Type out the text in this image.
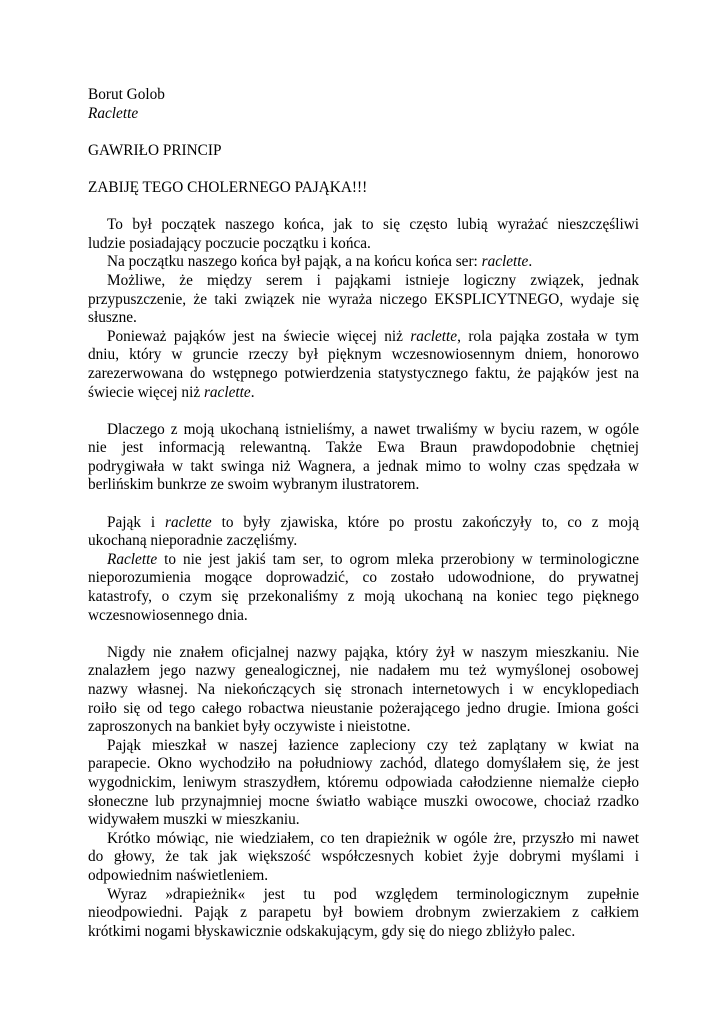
Borut Golob
Raclette
GAWRIŁO PRINCIP
ZABIJĘ TEGO CHOLERNEGO PAJĄKA!!!
To był początek naszego końca, jak to się często lubią wyrażać nieszczęśliwi
ludzie posiadający poczucie początku i końca.
Na początku naszego końca był pająk, a na końcu końca ser: raclette.
Możliwe, że między serem i pająkami istnieje logiczny związek, jednak
przypuszczenie, że taki związek nie wyraża niczego EKSPLICYTNEGO, wydaje się
słuszne.
Ponieważ pająków jest na świecie więcej niż raclette, rola pająka została w tym
dniu, który w gruncie rzeczy był pięknym wczesnowiosennym dniem, honorowo
zarezerwowana do wstępnego potwierdzenia statystycznego faktu, że pająków jest na
świecie więcej niż raclette.
Dlaczego z moją ukochaną istnieliśmy, a nawet trwaliśmy w byciu razem, w ogóle
nie jest informacją relewantną. Także Ewa Braun prawdopodobnie chętniej
podrygiwała w takt swinga niż Wagnera, a jednak mimo to wolny czas spędzała w
berlińskim bunkrze ze swoim wybranym ilustratorem.
Pająk i raclette to były zjawiska, które po prostu zakończyły to, co z moją
ukochaną nieporadnie zaczęliśmy.
Raclette to nie jest jakiś tam ser, to ogrom mleka przerobiony w terminologiczne
nieporozumienia mogące doprowadzić, co zostało udowodnione, do prywatnej
katastrofy, o czym się przekonaliśmy z moją ukochaną na koniec tego pięknego
wczesnowiosennego dnia.
Nigdy nie znałem oficjalnej nazwy pająka, który żył w naszym mieszkaniu. Nie
znalazłem jego nazwy genealogicznej, nie nadałem mu też wymyślonej osobowej
nazwy własnej. Na niekończących się stronach internetowych i w encyklopediach
roiło się od tego całego robactwa nieustanie pożerającego jedno drugie. Imiona gości
zaproszonych na bankiet były oczywiste i nieistotne.
Pająk mieszkał w naszej łazience zapleciony czy też zaplątany w kwiat na
parapecie. Okno wychodziło na południowy zachód, dlatego domyślałem się, że jest
wygodnickim, leniwym straszydłem, któremu odpowiada całodzienne niemalże ciepło
słoneczne lub przynajmniej mocne światło wabiące muszki owocowe, chociaż rzadko
widywałem muszki w mieszkaniu.
Krótko mówiąc, nie wiedziałem, co ten drapieżnik w ogóle żre, przyszło mi nawet
do głowy, że tak jak większość współczesnych kobiet żyje dobrymi myślami i
odpowiednim naświetleniem.
Wyraz »drapieżnik« jest tu pod względem terminologicznym zupełnie
nieodpowiedni. Pająk z parapetu był bowiem drobnym zwierzakiem z całkiem
krótkimi nogami błyskawicznie odskakującym, gdy się do niego zbliżyło palec.
